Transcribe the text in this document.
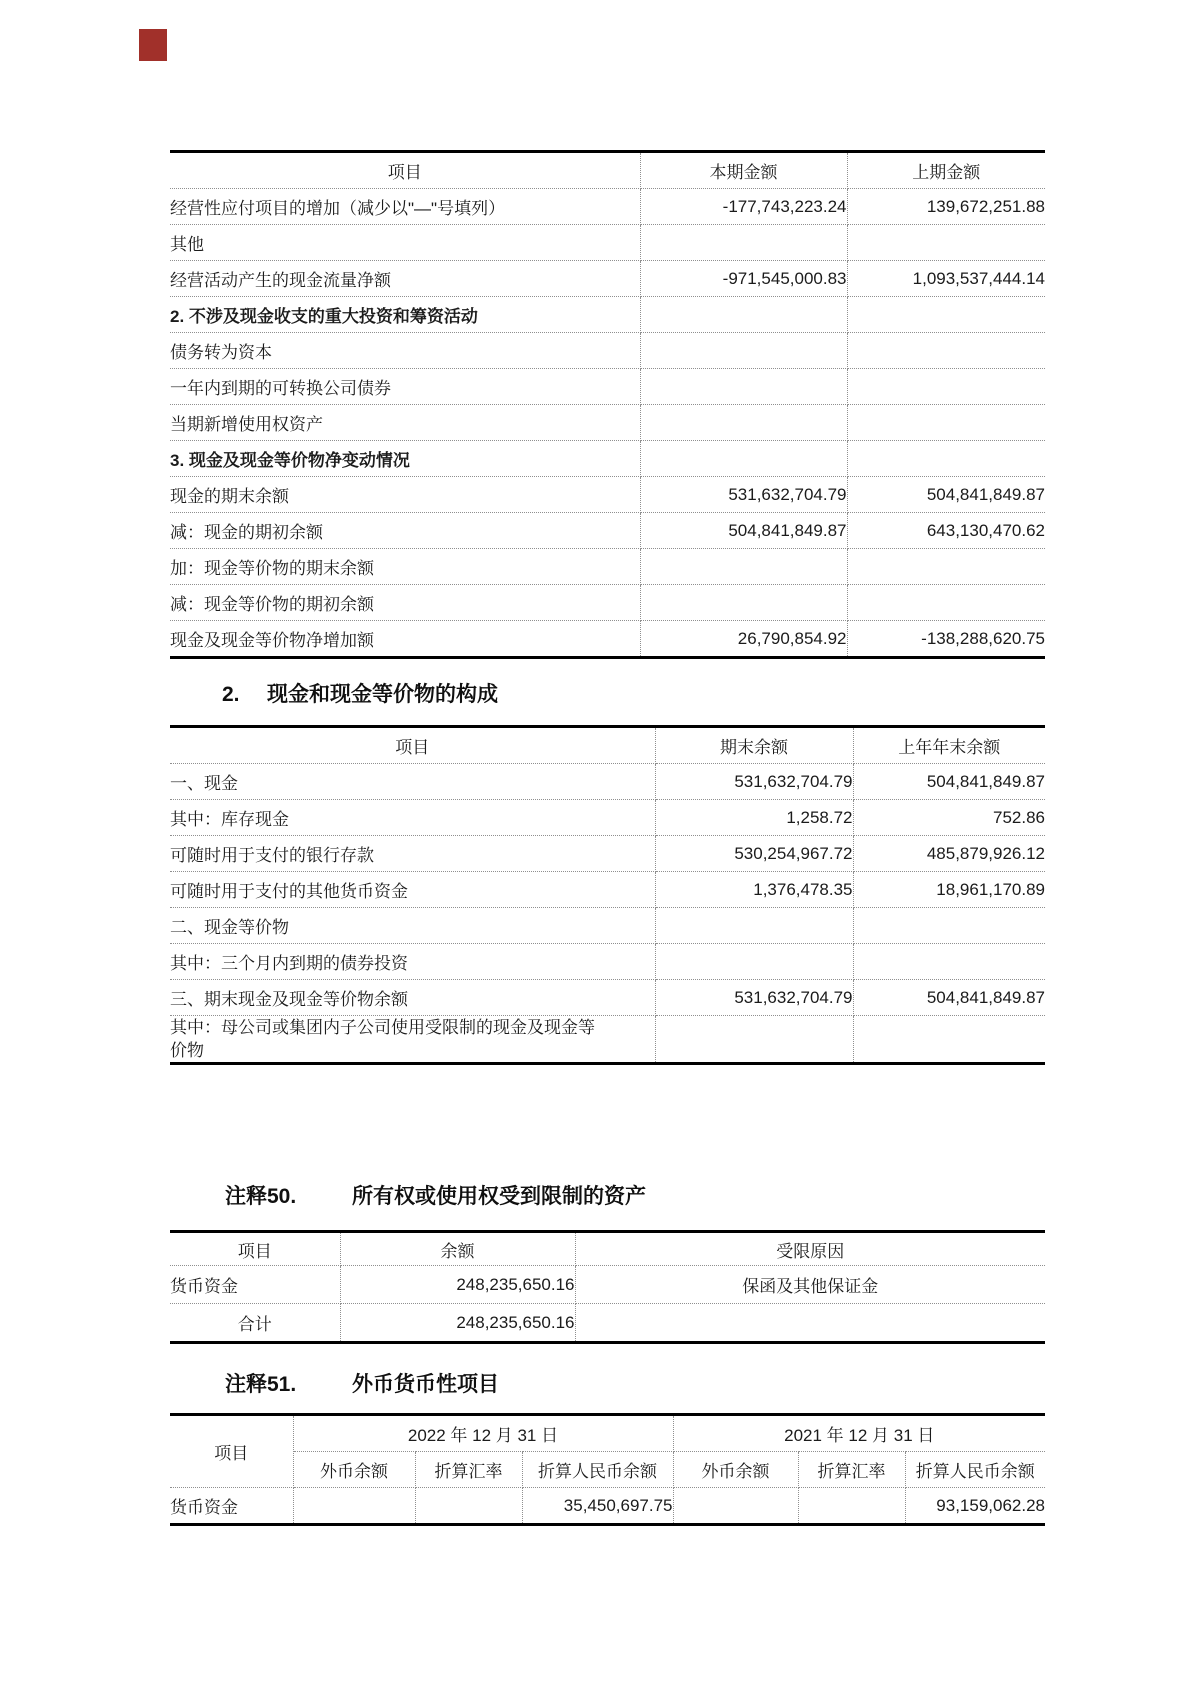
项目	本期金额	上期金额
经营性应付项目的增加（减少以"—"号填列）	-177,743,223.24	139,672,251.88
其他		
经营活动产生的现金流量净额	-971,545,000.83	1,093,537,444.14
2. 不涉及现金收支的重大投资和筹资活动		
债务转为资本		
一年内到期的可转换公司债券		
当期新增使用权资产		
3. 现金及现金等价物净变动情况		
现金的期末余额	531,632,704.79	504,841,849.87
减：现金的期初余额	504,841,849.87	643,130,470.62
加：现金等价物的期末余额		
减：现金等价物的期初余额		
现金及现金等价物净增加额	26,790,854.92	-138,288,620.75
2.	现金和现金等价物的构成
项目	期末余额	上年年末余额
一、现金	531,632,704.79	504,841,849.87
其中：库存现金	1,258.72	752.86
可随时用于支付的银行存款	530,254,967.72	485,879,926.12
可随时用于支付的其他货币资金	1,376,478.35	18,961,170.89
二、现金等价物		
其中：三个月内到期的债券投资		
三、期末现金及现金等价物余额	531,632,704.79	504,841,849.87
其中：母公司或集团内子公司使用受限制的现金及现金等价物		
注释50.	所有权或使用权受到限制的资产
项目	余额	受限原因
货币资金	248,235,650.16	保函及其他保证金
合计	248,235,650.16	
注释51.	外币货币性项目
项目	2022 年 12 月 31 日			2021 年 12 月 31 日		
	外币余额	折算汇率	折算人民币余额	外币余额	折算汇率	折算人民币余额
货币资金			35,450,697.75			93,159,062.28
